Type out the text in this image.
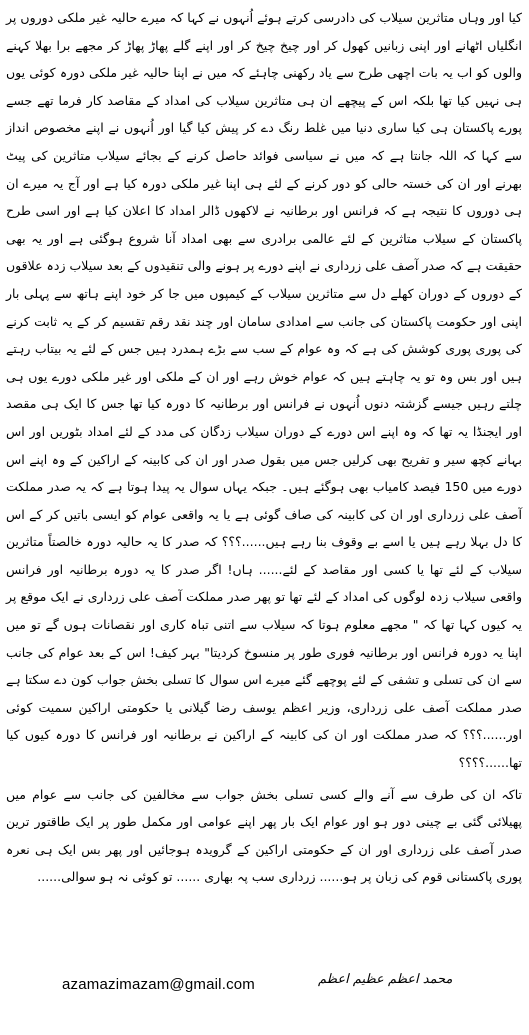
کیا اور وہاں متاثرین سیلاب کی دادرسی کرتے ہوئے اُنہوں نے کہا کہ میرے حالیہ غیر ملکی دوروں پر انگلیاں اٹھانے اور اپنی زبانیں کھول کر اور چیخ چیخ کر اور اپنے گلے پھاڑ پھاڑ کر مجھے برا بھلا کہنے والوں کو اب یہ بات اچھی طرح سے یاد رکھنی چاہئے کہ میں نے اپنا حالیہ غیر ملکی دورہ کوئی یوں ہی نہیں کیا تھا بلکہ اس کے پیچھے ان ہی متاثرین سیلاب کی امداد کے مقاصد کار فرما تھے جسے پورے پاکستان ہی کیا ساری دنیا میں غلط رنگ دے کر پیش کیا گیا اور اُنہوں نے اپنے مخصوص انداز سے کہا کہ اللہ جانتا ہے کہ میں نے سیاسی فوائد حاصل کرنے کے بجائے سیلاب متاثرین کی پیٹ بھرنے اور ان کی خستہ حالی کو دور کرنے کے لئے ہی اپنا غیر ملکی دورہ کیا ہے اور آج یہ میرے ان ہی دوروں کا نتیجہ ہے کہ فرانس اور برطانیہ نے لاکھوں ڈالر امداد کا اعلان کیا ہے اور اسی طرح پاکستان کے سیلاب متاثرین کے لئے عالمی برادری سے بھی امداد آنا شروع ہوگئی ہے اور یہ بھی حقیقت ہے کہ صدر آصف علی زرداری نے اپنے دورے پر ہونے والی تنقیدوں کے بعد سیلاب زدہ علاقوں کے دوروں کے دوران کھلے دل سے متاثرین سیلاب کے کیمپوں میں جا کر خود اپنے ہاتھ سے پہلی بار اپنی اور حکومت پاکستان کی جانب سے امدادی سامان اور چند نقد رقم تقسیم کر کے یہ ثابت کرنے کی پوری پوری کوشش کی ہے کہ وہ عوام کے سب سے بڑے ہمدرد ہیں جس کے لئے یہ بیتاب رہتے ہیں اور بس وہ تو یہ چاہتے ہیں کہ عوام خوش رہے اور ان کے ملکی اور غیر ملکی دورے یوں ہی چلتے رہیں جیسے گزشتہ دنوں اُنہوں نے فرانس اور برطانیہ کا دورہ کیا تھا جس کا ایک ہی مقصد اور ایجنڈا یہ تھا کہ وہ اپنے اس دورے کے دوران سیلاب زدگان کی مدد کے لئے امداد بٹوریں اور اس بہانے کچھ سیر و تفریح بھی کرلیں جس میں بقول صدر اور ان کی کابینہ کے اراکین کے وہ اپنے اس دورے میں 150 فیصد کامیاب بھی ہوگئے ہیں۔ جبکہ یہاں سوال یہ پیدا ہوتا ہے کہ یہ صدر مملکت آصف علی زرداری اور ان کی کابینہ کی صاف گوئی ہے یا یہ واقعی عوام کو ایسی باتیں کر کے اس کا دل بہلا رہے ہیں یا اسے بے وقوف بنا رہے ہیں......؟؟؟ کہ صدر کا یہ حالیہ دورہ خالصتاً متاثرین سیلاب کے لئے تھا یا کسی اور مقاصد کے لئے...... ہاں! اگر صدر کا یہ دورہ برطانیہ اور فرانس واقعی سیلاب زدہ لوگوں کی امداد کے لئے تھا تو پھر صدر مملکت آصف علی زرداری نے ایک موقع پر یہ کیوں کہا تھا کہ " مجھے معلوم ہوتا کہ سیلاب سے اتنی تباہ کاری اور نقصانات ہوں گے تو میں اپنا یہ دورہ فرانس اور برطانیہ فوری طور پر منسوخ کردیتا" بہر کیف! اس کے بعد عوام کی جانب سے ان کی تسلی و تشفی کے لئے پوچھے گئے میرے اس سوال کا تسلی بخش جواب کون دے سکتا ہے صدر مملکت آصف علی زرداری، وزیر اعظم یوسف رضا گیلانی یا حکومتی اراکین سمیت کوئی اور......؟؟؟ کہ صدر مملکت اور ان کی کابینہ کے اراکین نے برطانیہ اور فرانس کا دورہ کیوں کیا تھا......؟؟؟؟

تاکہ ان کی طرف سے آنے والے کسی تسلی بخش جواب سے مخالفین کی جانب سے عوام میں پھیلائی گئی بے چینی دور ہو اور عوام ایک بار پھر اپنے عوامی اور مکمل طور پر ایک طاقتور ترین صدر آصف علی زرداری اور ان کے حکومتی اراکین کے گرویدہ ہوجائیں اور پھر بس ایک ہی نعرہ پوری پاکستانی قوم کی زبان پر ہو...... زرداری سب پہ بھاری ...... تو کوئی نہ ہو سوالی......

azamazimazam@gmail.com	محمد اعظم عظیم اعظم
